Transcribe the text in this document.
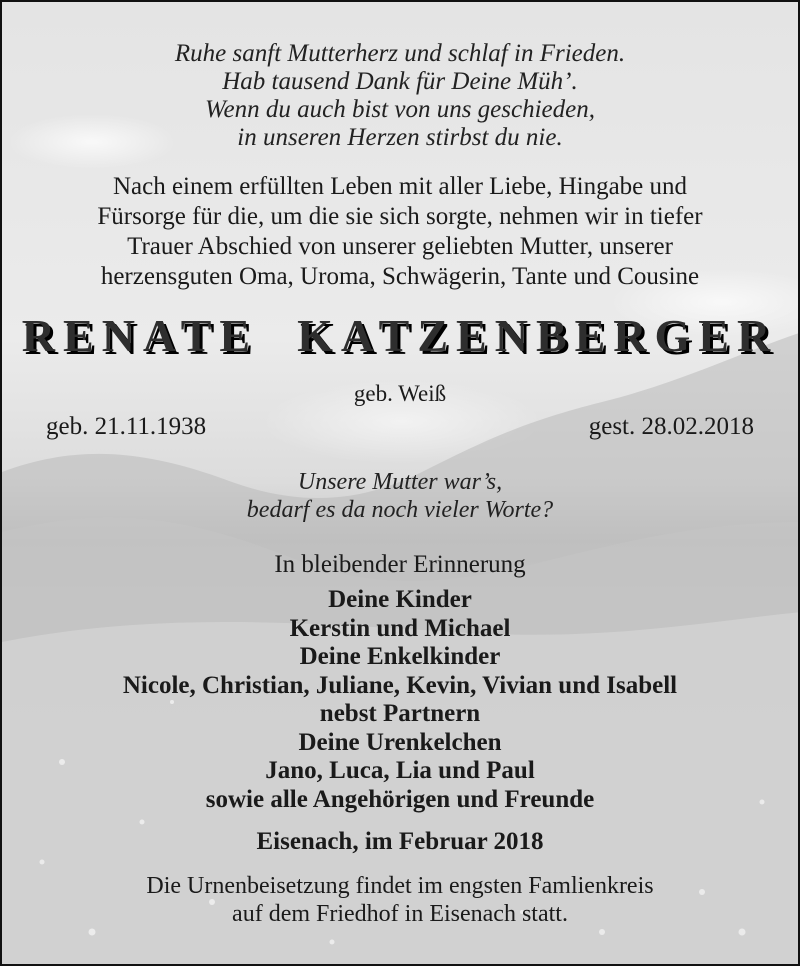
Ruhe sanft Mutterherz und schlaf in Frieden.
Hab tausend Dank für Deine Müh’.
Wenn du auch bist von uns geschieden,
in unseren Herzen stirbst du nie.
Nach einem erfüllten Leben mit aller Liebe, Hingabe und
Fürsorge für die, um die sie sich sorgte, nehmen wir in tiefer
Trauer Abschied von unserer geliebten Mutter, unserer
herzensguten Oma, Uroma, Schwägerin, Tante und Cousine
RENATE  KATZENBERGER
geb. Weiß
geb. 21.11.1938	gest. 28.02.2018
Unsere Mutter war’s,
bedarf es da noch vieler Worte?
In bleibender Erinnerung
Deine Kinder
Kerstin und Michael
Deine Enkelkinder
Nicole, Christian, Juliane, Kevin, Vivian und Isabell
nebst Partnern
Deine Urenkelchen
Jano, Luca, Lia und Paul
sowie alle Angehörigen und Freunde
Eisenach, im Februar 2018
Die Urnenbeisetzung findet im engsten Famlienkreis
auf dem Friedhof in Eisenach statt.
